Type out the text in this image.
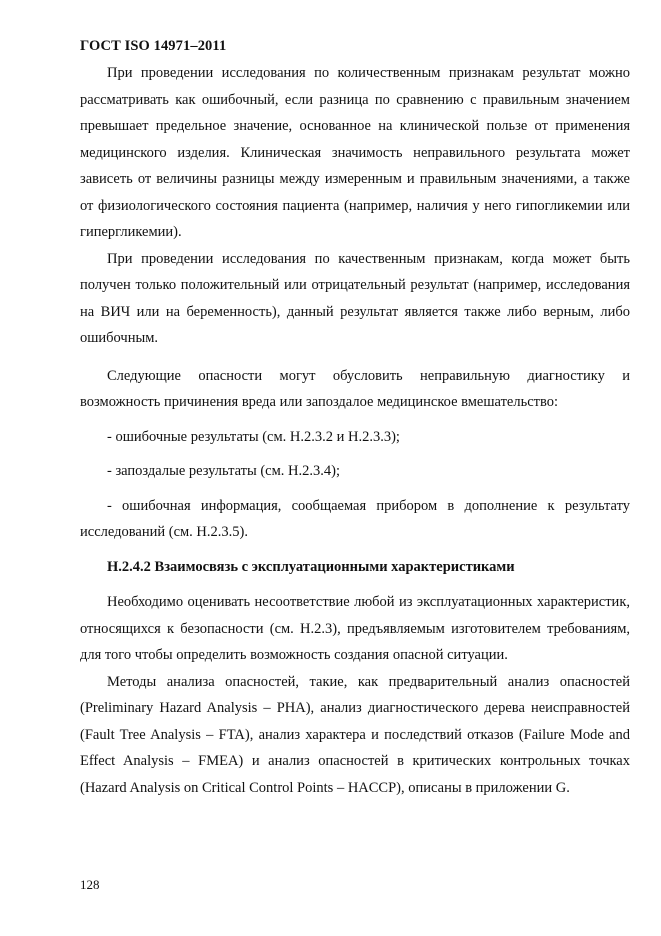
ГОСТ ISO 14971–2011

При проведении исследования по количественным признакам результат можно рассматривать как ошибочный, если разница по сравнению с правильным значением превышает предельное значение, основанное на клинической пользе от применения медицинского изделия. Клиническая значимость неправильного результата может зависеть от величины разницы между измеренным и правильным значениями, а также от физиологического состояния пациента (например, наличия у него гипогликемии или гипергликемии).

При проведении исследования по качественным признакам, когда может быть получен только положительный или отрицательный результат (например, исследования на ВИЧ или на беременность), данный результат является также либо верным, либо ошибочным.

Следующие опасности могут обусловить неправильную диагностику и возможность причинения вреда или запоздалое медицинское вмешательство:

- ошибочные результаты (см. Н.2.3.2 и Н.2.3.3);

- запоздалые результаты (см. Н.2.3.4);

- ошибочная информация, сообщаемая прибором в дополнение к результату исследований (см. Н.2.3.5).

Н.2.4.2 Взаимосвязь с эксплуатационными характеристиками

Необходимо оценивать несоответствие любой из эксплуатационных характеристик, относящихся к безопасности (см. Н.2.3), предъявляемым изготовителем требованиям, для того чтобы определить возможность создания опасной ситуации.

Методы анализа опасностей, такие, как предварительный анализ опасностей (Preliminary Hazard Analysis – PHA), анализ диагностического дерева неисправностей (Fault Tree Analysis – FTA), анализ характера и последствий отказов (Failure Mode and Effect Analysis – FMEA) и анализ опасностей в критических контрольных точках (Hazard Analysis on Critical Control Points – HACCP), описаны в приложении G.

128
